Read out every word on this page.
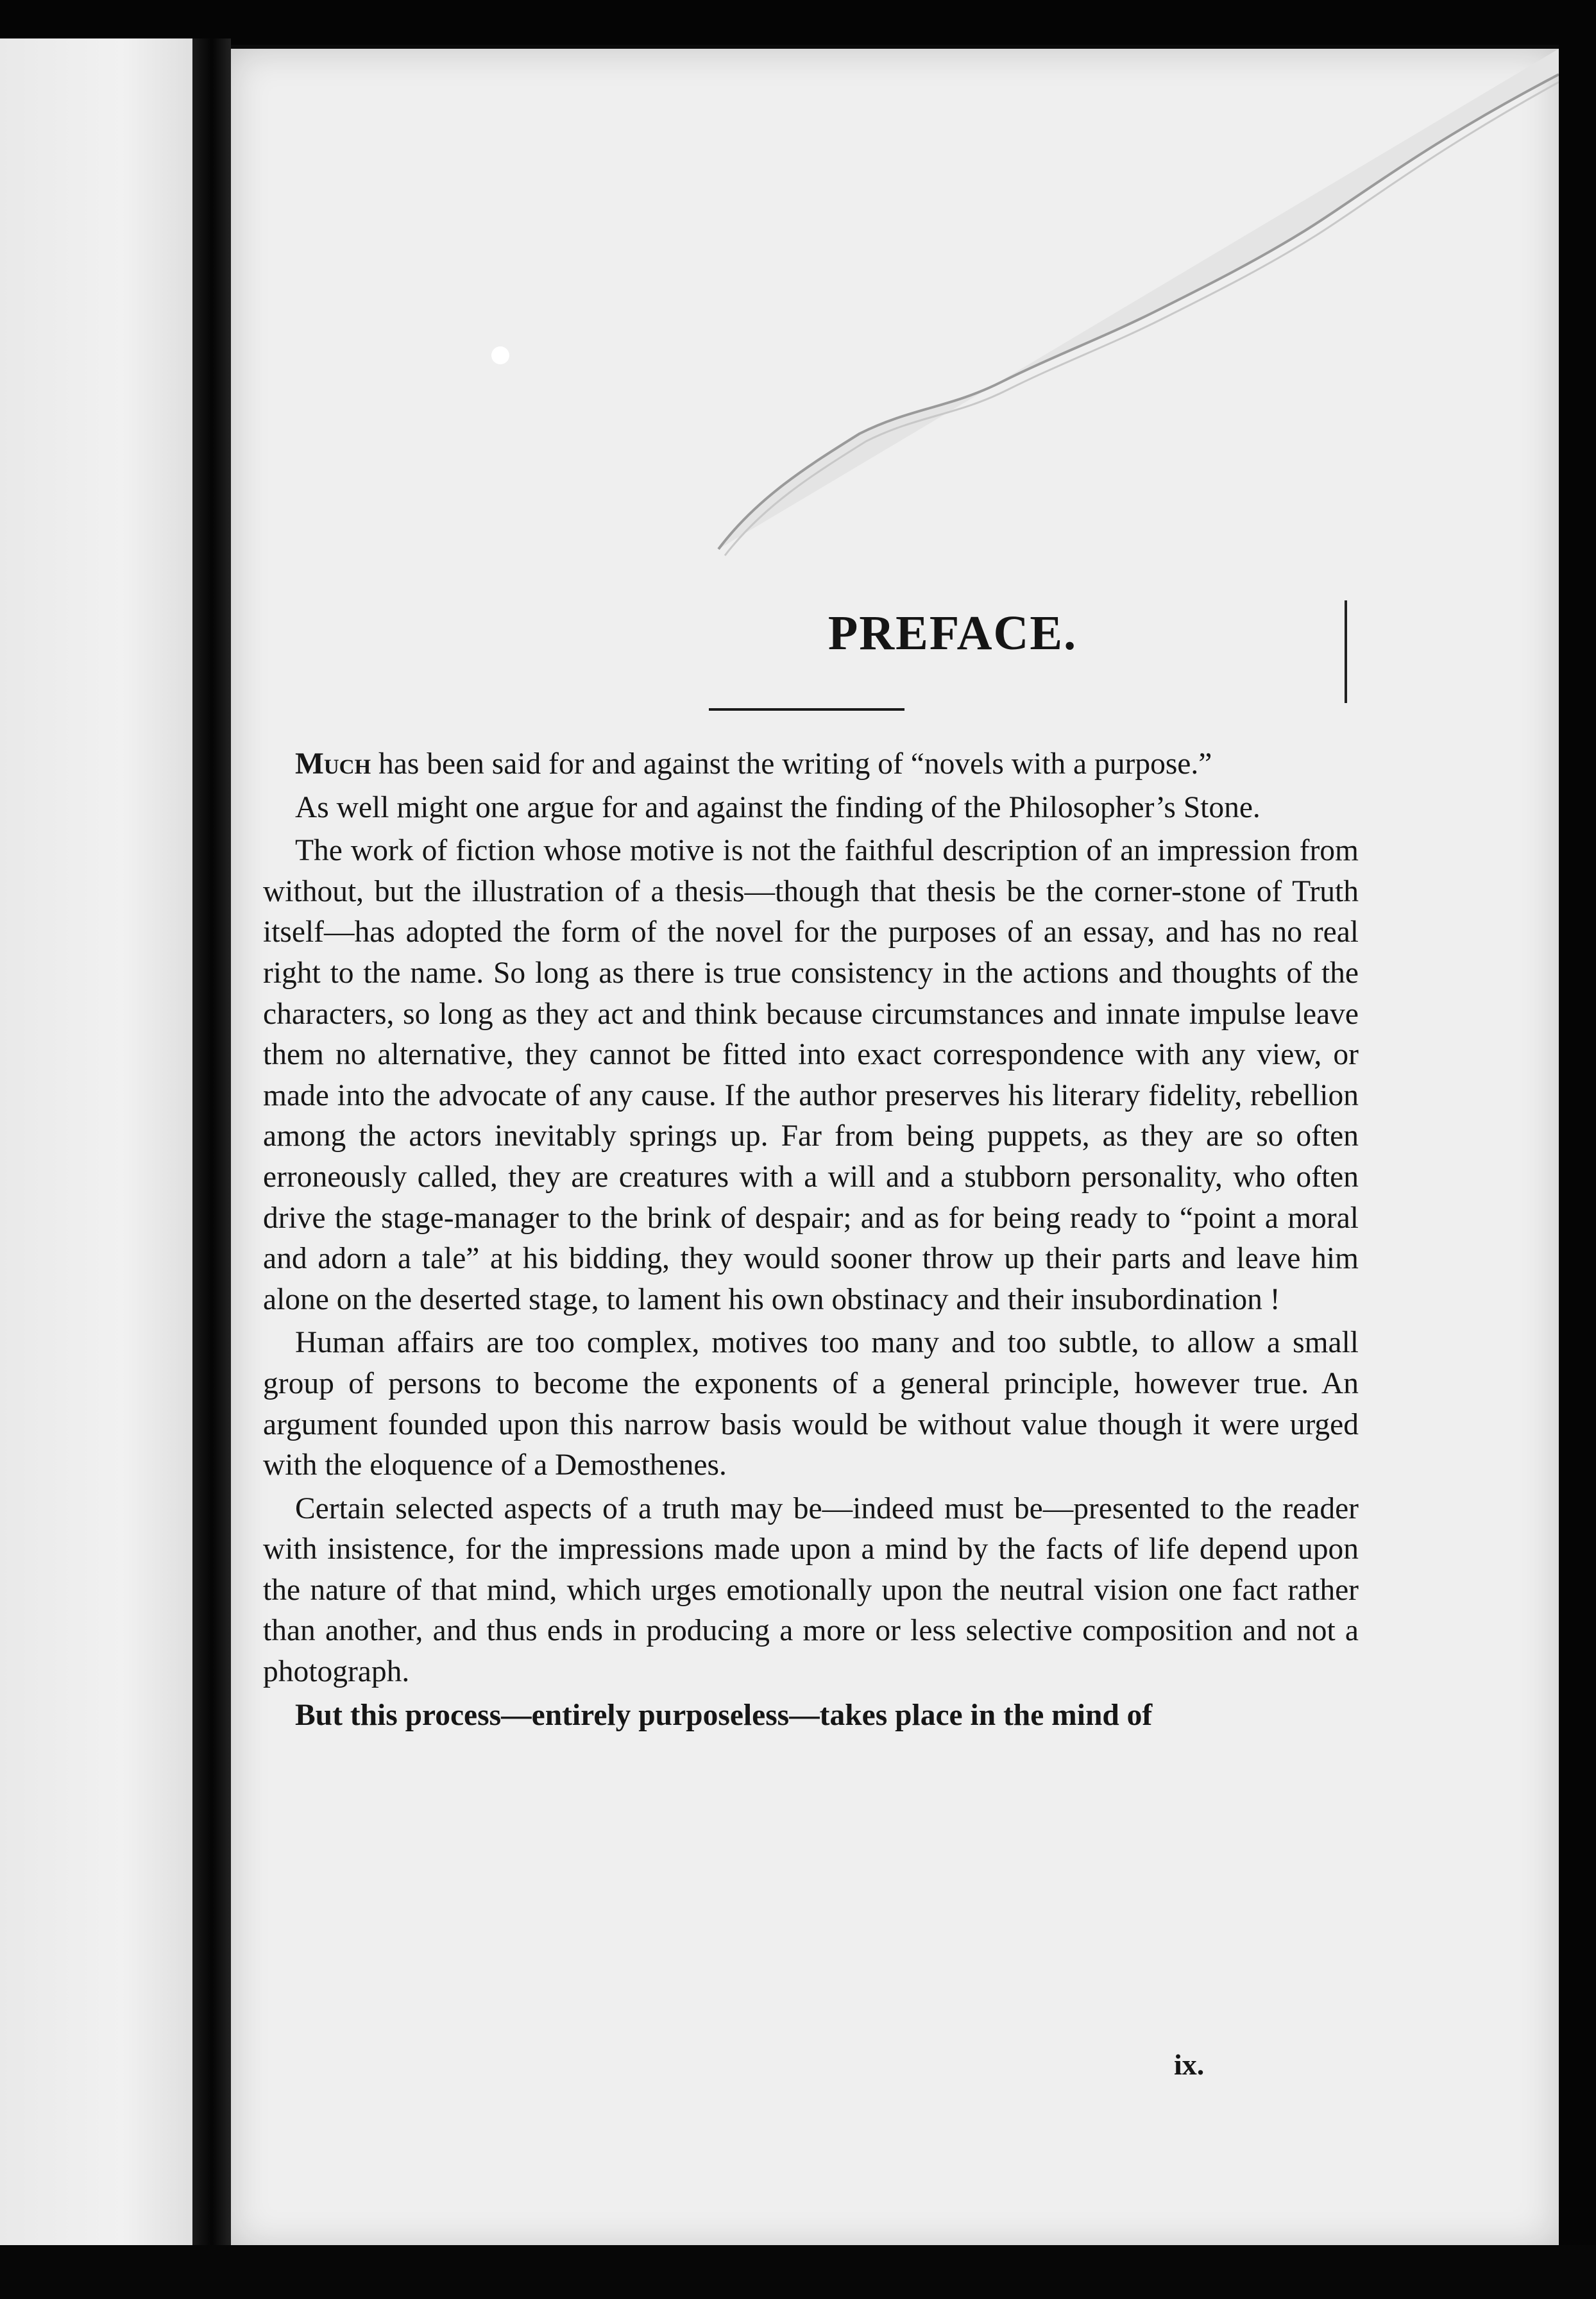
PREFACE.

Much has been said for and against the writing of “novels with a purpose.”

As well might one argue for and against the finding of the Philosopher’s Stone.

The work of fiction whose motive is not the faithful description of an impression from without, but the illustration of a thesis—though that thesis be the corner-stone of Truth itself—has adopted the form of the novel for the purposes of an essay, and has no real right to the name. So long as there is true consistency in the actions and thoughts of the characters, so long as they act and think because circumstances and innate impulse leave them no alternative, they cannot be fitted into exact correspondence with any view, or made into the advocate of any cause. If the author preserves his literary fidelity, rebellion among the actors inevitably springs up. Far from being puppets, as they are so often erroneously called, they are creatures with a will and a stubborn personality, who often drive the stage-manager to the brink of despair; and as for being ready to “point a moral and adorn a tale” at his bidding, they would sooner throw up their parts and leave him alone on the deserted stage, to lament his own obstinacy and their insubordination !

Human affairs are too complex, motives too many and too subtle, to allow a small group of persons to become the exponents of a general principle, however true. An argument founded upon this narrow basis would be without value though it were urged with the eloquence of a Demosthenes.

Certain selected aspects of a truth may be—indeed must be—presented to the reader with insistence, for the impressions made upon a mind by the facts of life depend upon the nature of that mind, which urges emotionally upon the neutral vision one fact rather than another, and thus ends in producing a more or less selective composition and not a photograph.

But this process—entirely purposeless—takes place in the mind of

ix.
